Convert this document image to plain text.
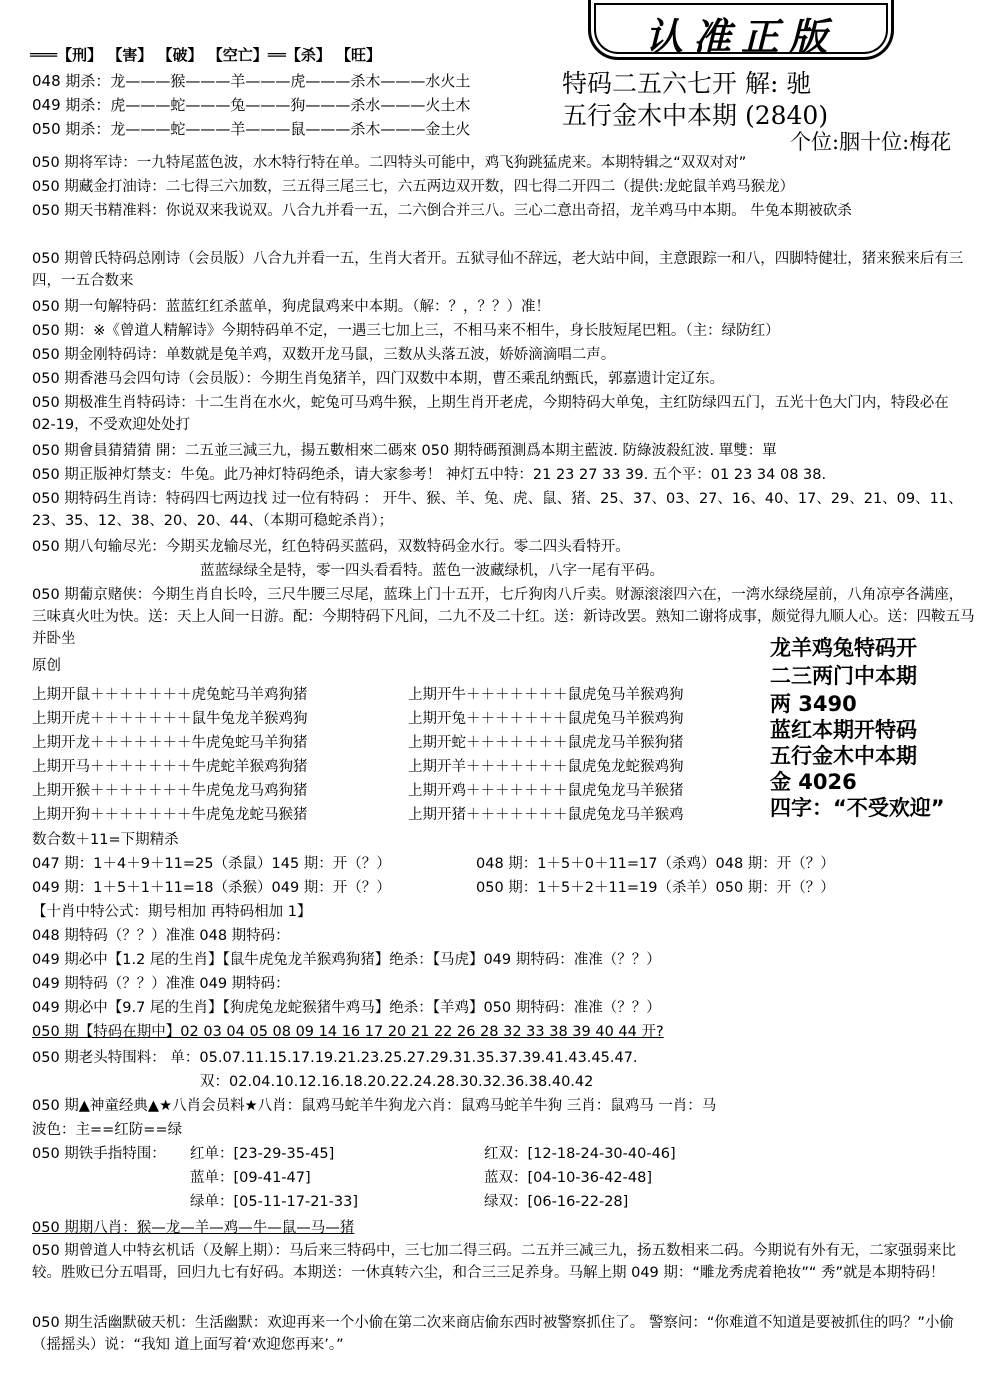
认准正版
═══【刑】 【害】 【破】 【空亡】══【杀】 【旺】
048 期杀：龙———猴———羊———虎———杀木———水火土
049 期杀：虎———蛇———兔———狗———杀水———火土木
050 期杀：龙———蛇———羊———鼠———杀木———金土火
特码二五六七开 解: 驰
五行金木中本期 (2840)
个位:胭十位:梅花
050 期将军诗：一九特尾蓝色波，水木特行特在单。二四特头可能中，鸡飞狗跳猛虎来。本期特辑之“双双对对”
050 期藏金打油诗：二七得三六加数，三五得三尾三七，六五两边双开数，四七得二开四二（提供:龙蛇鼠羊鸡马猴龙）
050 期天书精准料：你说双来我说双。八合九并看一五，二六倒合并三八。三心二意出奇招，龙羊鸡马中本期。 牛兔本期被砍杀
050 期曾氏特码总刚诗（会员版）八合九并看一五，生肖大者开。五狱寻仙不辞远，老大站中间，主意跟踪一和八，四脚特健壮，猪来猴来后有三四，一五合数来
050 期一句解特码：蓝蓝红红杀蓝单，狗虎鼠鸡来中本期。（解：？，？？）准！
050 期：※《曾道人精解诗》今期特码单不定，一遇三七加上三，不相马来不相牛，身长肢短尾巴粗。（主：绿防红）
050 期金刚特码诗：单数就是兔羊鸡，双数开龙马鼠，三数从头落五波，娇娇滴滴唱二声。
050 期香港马会四句诗（会员版）：今期生肖兔猪羊，四门双数中本期，曹丕乘乱纳甄氏，郭嘉遗计定辽东。
050 期极准生肖特码诗：十二生肖在水火，蛇兔可马鸡牛猴，上期生肖开老虎，今期特码大单兔，主红防绿四五门，五光十色大门内，特段必在 02-19，不受欢迎处处打
050 期會員猜猜猜 開：二五並三減三九，揚五數相來二碼來 050 期特碼預測爲本期主藍波. 防綠波殺紅波. 單雙：單
050 期正版神灯禁支：牛兔。此乃神灯特码绝杀，请大家参考！ 神灯五中特：21 23 27 33 39. 五个平：01 23 34 08 38.
050 期特码生肖诗：特码四七两边找 过一位有特码 ： 开牛、猴、羊、兔、虎、鼠、猪、25、37、03、27、16、40、17、29、21、09、11、23、35、12、38、20、20、44、（本期可稳蛇杀肖）；
050 期八句输尽光：今期买龙输尽光，红色特码买蓝码，双数特码金水行。零二四头看特开。
蓝蓝绿绿全是特，零一四头看看特。蓝色一波藏绿机，八字一尾有平码。
050 期葡京赌侠：今期生肖自长呤，三尺牛腰三尽尾，蓝珠上门十五开，七斤狗肉八斤卖。财源滚滚四六在，一湾水绿绕屋前，八角凉亭各满座，三味真火吐为快。送：天上人间一日游。配：今期特码下凡间，二九不及二十红。送：新诗改罢。熟知二谢将成事，颇觉得九顺人心。送：四鞍五马并卧坐
原创
龙羊鸡兔特码开
二三两门中本期
两 3490
蓝红本期开特码
五行金木中本期
金 4026
四字：“不受欢迎”
上期开鼠＋＋＋＋＋＋＋虎兔蛇马羊鸡狗猪
上期开虎＋＋＋＋＋＋＋鼠牛兔龙羊猴鸡狗
上期开龙＋＋＋＋＋＋＋牛虎兔蛇马羊狗猪
上期开马＋＋＋＋＋＋＋牛虎蛇羊猴鸡狗猪
上期开猴＋＋＋＋＋＋＋牛虎兔龙马鸡狗猪
上期开狗＋＋＋＋＋＋＋牛虎兔龙蛇马猴猪
上期开牛＋＋＋＋＋＋＋鼠虎兔马羊猴鸡狗
上期开兔＋＋＋＋＋＋＋鼠虎兔马羊猴鸡狗
上期开蛇＋＋＋＋＋＋＋鼠虎龙马羊猴狗猪
上期开羊＋＋＋＋＋＋＋鼠虎兔龙蛇猴鸡狗
上期开鸡＋＋＋＋＋＋＋鼠虎兔龙马羊猴猪
上期开猪＋＋＋＋＋＋＋鼠虎兔龙马羊猴鸡
数合数＋11=下期精杀
047 期：1＋4＋9＋11=25（杀鼠）145 期：开（？）	048 期：1＋5＋0＋11=17（杀鸡）048 期：开（？）
049 期：1＋5＋1＋11=18（杀猴）049 期：开（？）	050 期：1＋5＋2＋11=19（杀羊）050 期：开（？）
【十肖中特公式：期号相加 再特码相加 1】
048 期特码（？？）准准 048 期特码：
049 期必中【1.2 尾的生肖】【鼠牛虎兔龙羊猴鸡狗猪】绝杀：【马虎】049 期特码：准准（？？）
049 期特码（？？）准准 049 期特码：
049 期必中【9.7 尾的生肖】【狗虎兔龙蛇猴猪牛鸡马】绝杀：【羊鸡】050 期特码：准准（？？）
050 期【特码在期中】02 03 04 05 08 09 14 16 17 20 21 22 26 28 32 33 38 39 40 44 开?
050 期老头特围料： 单：05.07.11.15.17.19.21.23.25.27.29.31.35.37.39.41.43.45.47.
双：02.04.10.12.16.18.20.22.24.28.30.32.36.38.40.42
050 期▲神童经典▲★八肖会员料★八肖：鼠鸡马蛇羊牛狗龙六肖：鼠鸡马蛇羊牛狗 三肖：鼠鸡马 一肖：马
波色：主==红防==绿
050 期铁手指特围： 红单：[23-29-35-45]
蓝单：[09-41-47]
绿单：[05-11-17-21-33]
红双：[12-18-24-30-40-46]
蓝双：[04-10-36-42-48]
绿双：[06-16-22-28]
050 期期八肖：猴—龙—羊—鸡—牛—鼠—马—猪
050 期曾道人中特玄机话（及解上期）：马后来三特码中，三七加二得三码。二五并三减三九，扬五数相来二码。今期说有外有无，二家强弱来比较。胜败已分五唱哥，回归九七有好码。本期送：一休真转六尘，和合三三足养身。马解上期 049 期：“雕龙秀虎着艳妆”“ 秀”就是本期特码！
050 期生活幽默破天机：生活幽默：欢迎再来一个小偷在第二次来商店偷东西时被警察抓住了。 警察问：“你难道不知道是要被抓住的吗？”小偷（摇摇头）说：“我知 道上面写着‘欢迎您再来’。”
